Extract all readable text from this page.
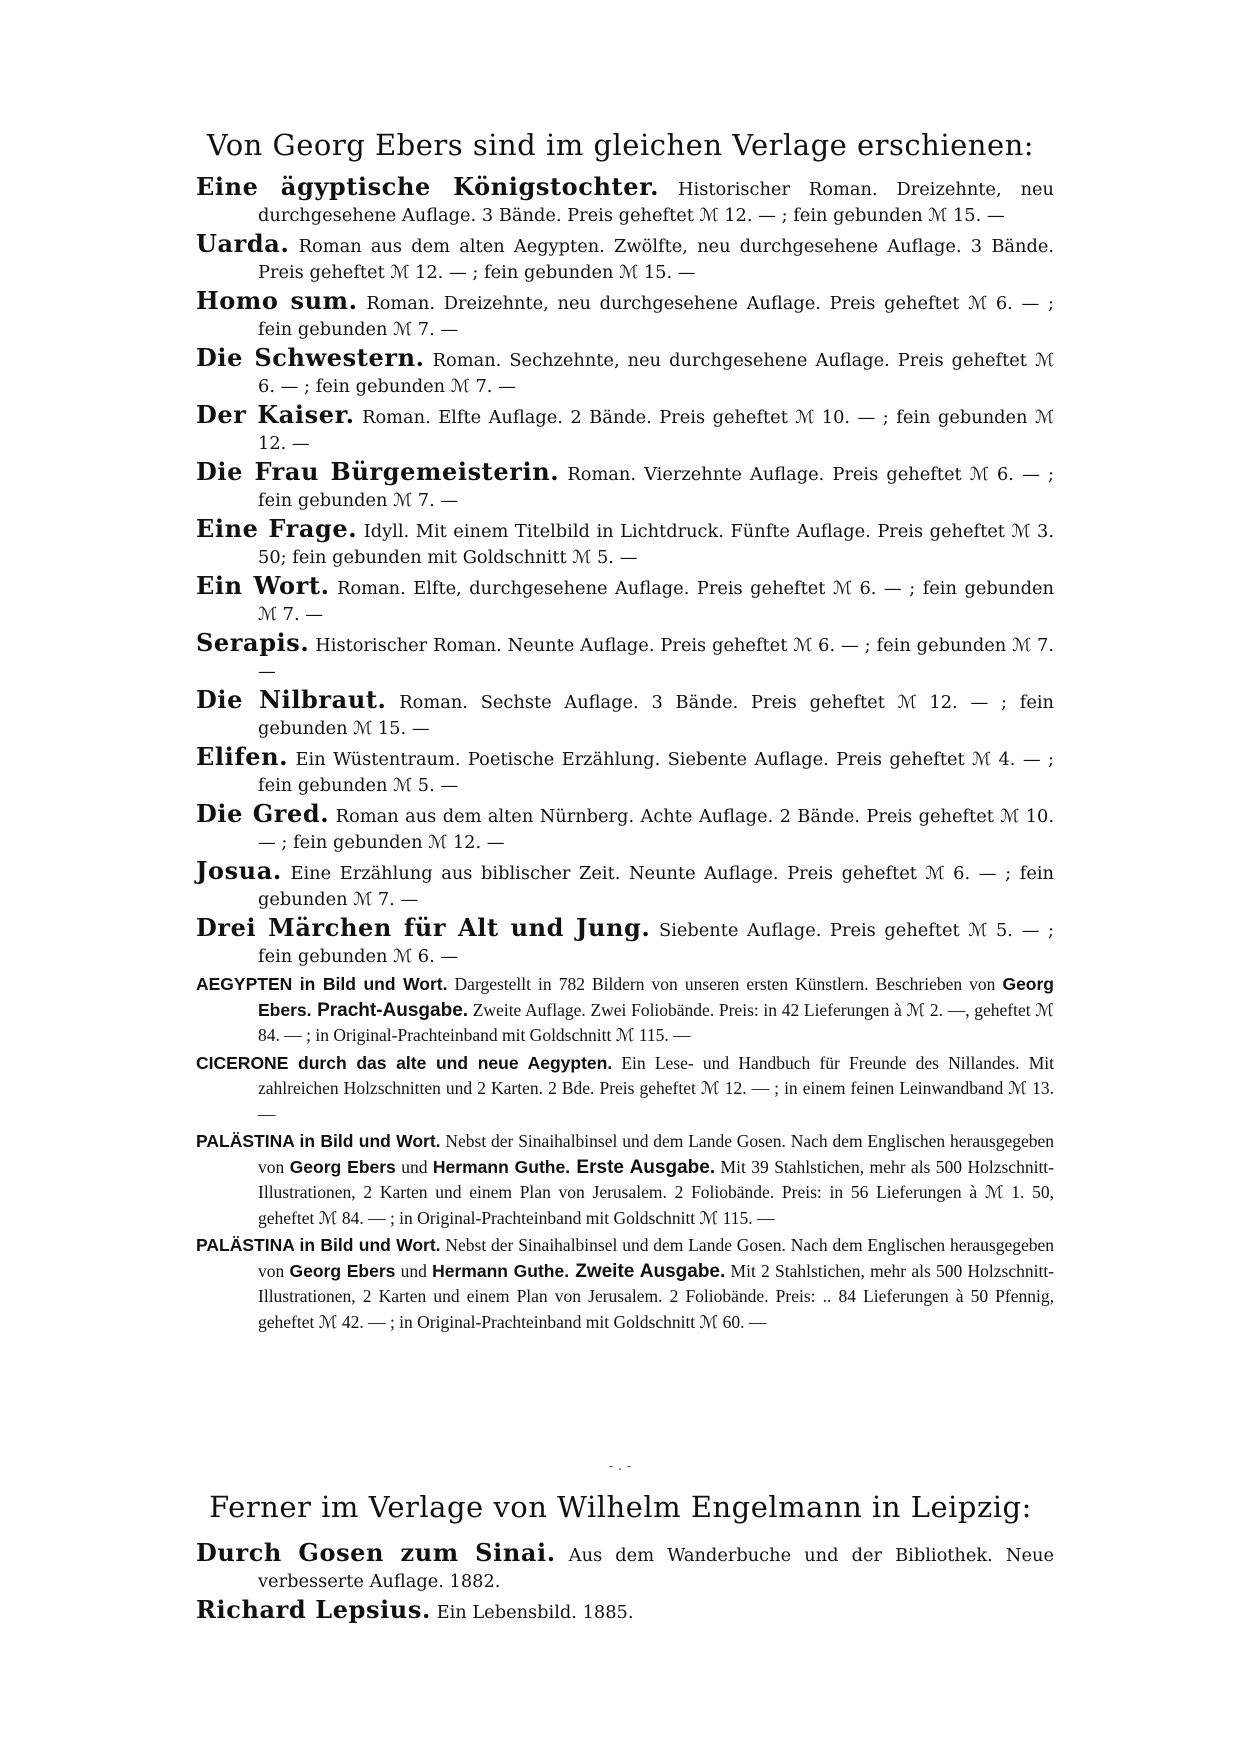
Von Georg Ebers sind im gleichen Verlage erschienen:

Eine ägyptische Königstochter. Historischer Roman. Dreizehnte, neu durchgesehene Auflage. 3 Bände. Preis geheftet ℳ 12. — ; fein gebunden ℳ 15. —

Uarda. Roman aus dem alten Aegypten. Zwölfte, neu durchgesehene Auflage. 3 Bände. Preis geheftet ℳ 12. — ; fein gebunden ℳ 15. —

Homo sum. Roman. Dreizehnte, neu durchgesehene Auflage. Preis geheftet ℳ 6. — ; fein gebunden ℳ 7. —

Die Schwestern. Roman. Sechzehnte, neu durchgesehene Auflage. Preis geheftet ℳ 6. — ; fein gebunden ℳ 7. —

Der Kaiser. Roman. Elfte Auflage. 2 Bände. Preis geheftet ℳ 10. — ; fein gebunden ℳ 12. —

Die Frau Bürgemeisterin. Roman. Vierzehnte Auflage. Preis geheftet ℳ 6. — ; fein gebunden ℳ 7. —

Eine Frage. Idyll. Mit einem Titelbild in Lichtdruck. Fünfte Auflage. Preis geheftet ℳ 3. 50; fein gebunden mit Goldschnitt ℳ 5. —

Ein Wort. Roman. Elfte, durchgesehene Auflage. Preis geheftet ℳ 6. — ; fein gebunden ℳ 7. —

Serapis. Historischer Roman. Neunte Auflage. Preis geheftet ℳ 6. — ; fein gebunden ℳ 7. —

Die Nilbraut. Roman. Sechste Auflage. 3 Bände. Preis geheftet ℳ 12. — ; fein gebunden ℳ 15. —

Elifen. Ein Wüstentraum. Poetische Erzählung. Siebente Auflage. Preis geheftet ℳ 4. — ; fein gebunden ℳ 5. —

Die Gred. Roman aus dem alten Nürnberg. Achte Auflage. 2 Bände. Preis geheftet ℳ 10. — ; fein gebunden ℳ 12. —

Josua. Eine Erzählung aus biblischer Zeit. Neunte Auflage. Preis geheftet ℳ 6. — ; fein gebunden ℳ 7. —

Drei Märchen für Alt und Jung. Siebente Auflage. Preis geheftet ℳ 5. — ; fein gebunden ℳ 6. —

AEGYPTEN in Bild und Wort. Dargestellt in 782 Bildern von unseren ersten Künstlern. Beschrieben von Georg Ebers. Pracht-Ausgabe. Zweite Auflage. Zwei Foliobände. Preis: in 42 Lieferungen à ℳ 2. —, geheftet ℳ 84. — ; in Original-Prachteinband mit Goldschnitt ℳ 115. —

CICERONE durch das alte und neue Aegypten. Ein Lese- und Handbuch für Freunde des Nillandes. Mit zahlreichen Holzschnitten und 2 Karten. 2 Bde. Preis geheftet ℳ 12. — ; in einem feinen Leinwandband ℳ 13. —

PALÄSTINA in Bild und Wort. Nebst der Sinaihalbinsel und dem Lande Gosen. Nach dem Englischen herausgegeben von Georg Ebers und Hermann Guthe. Erste Ausgabe. Mit 39 Stahlstichen, mehr als 500 Holzschnitt-Illustrationen, 2 Karten und einem Plan von Jerusalem. 2 Foliobände. Preis: in 56 Lieferungen à ℳ 1. 50, geheftet ℳ 84. — ; in Original-Prachteinband mit Goldschnitt ℳ 115. —

PALÄSTINA in Bild und Wort. Nebst der Sinaihalbinsel und dem Lande Gosen. Nach dem Englischen herausgegeben von Georg Ebers und Hermann Guthe. Zweite Ausgabe. Mit 2 Stahlstichen, mehr als 500 Holzschnitt-Illustrationen, 2 Karten und einem Plan von Jerusalem. 2 Foliobände. Preis: .. 84 Lieferungen à 50 Pfennig, geheftet ℳ 42. — ; in Original-Prachteinband mit Goldschnitt ℳ 60. —

- . -
Ferner im Verlage von Wilhelm Engelmann in Leipzig:

Durch Gosen zum Sinai. Aus dem Wanderbuche und der Bibliothek. Neue verbesserte Auflage. 1882.

Richard Lepsius. Ein Lebensbild. 1885.
